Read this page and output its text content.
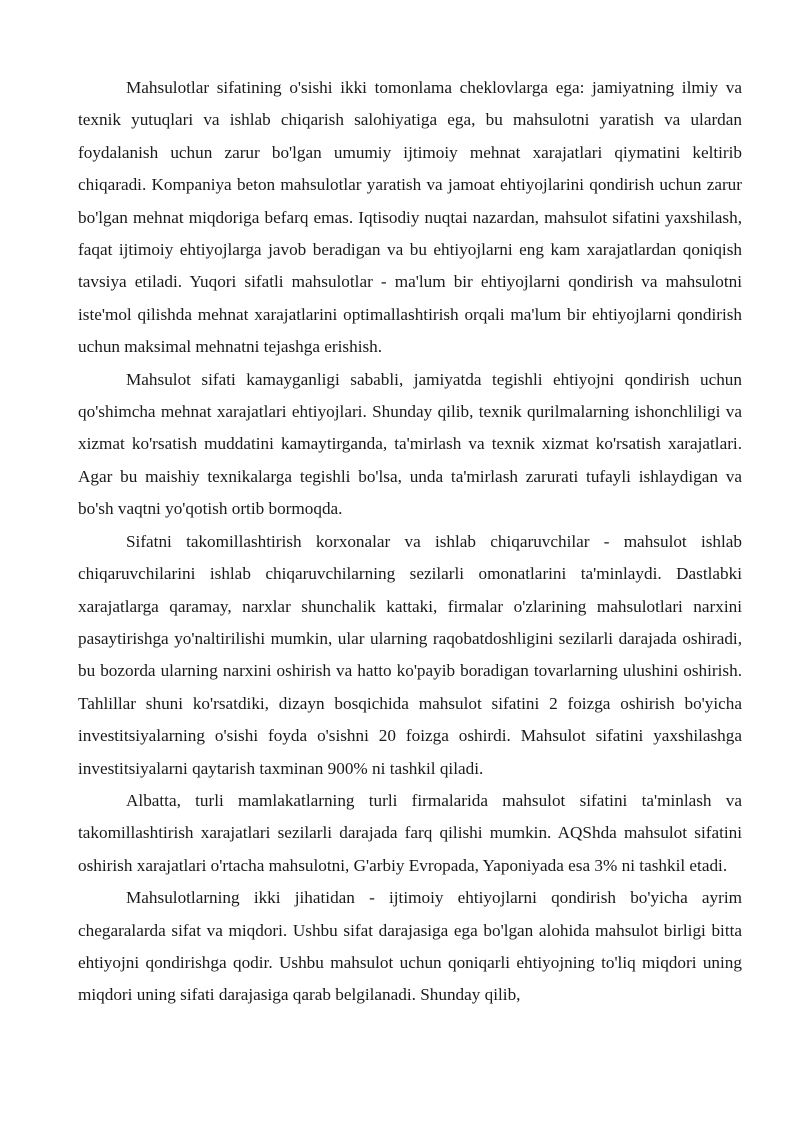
Mahsulotlar sifatining o'sishi ikki tomonlama cheklovlarga ega: jamiyatning ilmiy va texnik yutuqlari va ishlab chiqarish salohiyatiga ega, bu mahsulotni yaratish va ulardan foydalanish uchun zarur bo'lgan umumiy ijtimoiy mehnat xarajatlari qiymatini keltirib chiqaradi. Kompaniya beton mahsulotlar yaratish va jamoat ehtiyojlarini qondirish uchun zarur bo'lgan mehnat miqdoriga befarq emas. Iqtisodiy nuqtai nazardan, mahsulot sifatini yaxshilash, faqat ijtimoiy ehtiyojlarga javob beradigan va bu ehtiyojlarni eng kam xarajatlardan qoniqish tavsiya etiladi. Yuqori sifatli mahsulotlar - ma'lum bir ehtiyojlarni qondirish va mahsulotni iste'mol qilishda mehnat xarajatlarini optimallashtirish orqali ma'lum bir ehtiyojlarni qondirish uchun maksimal mehnatni tejashga erishish.

Mahsulot sifati kamayganligi sababli, jamiyatda tegishli ehtiyojni qondirish uchun qo'shimcha mehnat xarajatlari ehtiyojlari. Shunday qilib, texnik qurilmalarning ishonchliligi va xizmat ko'rsatish muddatini kamaytirganda, ta'mirlash va texnik xizmat ko'rsatish xarajatlari. Agar bu maishiy texnikalarga tegishli bo'lsa, unda ta'mirlash zarurati tufayli ishlaydigan va bo'sh vaqtni yo'qotish ortib bormoqda.

Sifatni takomillashtirish korxonalar va ishlab chiqaruvchilar - mahsulot ishlab chiqaruvchilarini ishlab chiqaruvchilarning sezilarli omonatlarini ta'minlaydi. Dastlabki xarajatlarga qaramay, narxlar shunchalik kattaki, firmalar o'zlarining mahsulotlari narxini pasaytirishga yo'naltirilishi mumkin, ular ularning raqobatdoshligini sezilarli darajada oshiradi, bu bozorda ularning narxini oshirish va hatto ko'payib boradigan tovarlarning ulushini oshirish. Tahlillar shuni ko'rsatdiki, dizayn bosqichida mahsulot sifatini 2 foizga oshirish bo'yicha investitsiyalarning o'sishi foyda o'sishni 20 foizga oshirdi. Mahsulot sifatini yaxshilashga investitsiyalarni qaytarish taxminan 900% ni tashkil qiladi.

Albatta, turli mamlakatlarning turli firmalarida mahsulot sifatini ta'minlash va takomillashtirish xarajatlari sezilarli darajada farq qilishi mumkin. AQShda mahsulot sifatini oshirish xarajatlari o'rtacha mahsulotni, G'arbiy Evropada, Yaponiyada esa 3% ni tashkil etadi.

Mahsulotlarning ikki jihatidan - ijtimoiy ehtiyojlarni qondirish bo'yicha ayrim chegaralarda sifat va miqdori. Ushbu sifat darajasiga ega bo'lgan alohida mahsulot birligi bitta ehtiyojni qondirishga qodir. Ushbu mahsulot uchun qoniqarli ehtiyojning to'liq miqdori uning miqdori uning sifati darajasiga qarab belgilanadi. Shunday qilib,
